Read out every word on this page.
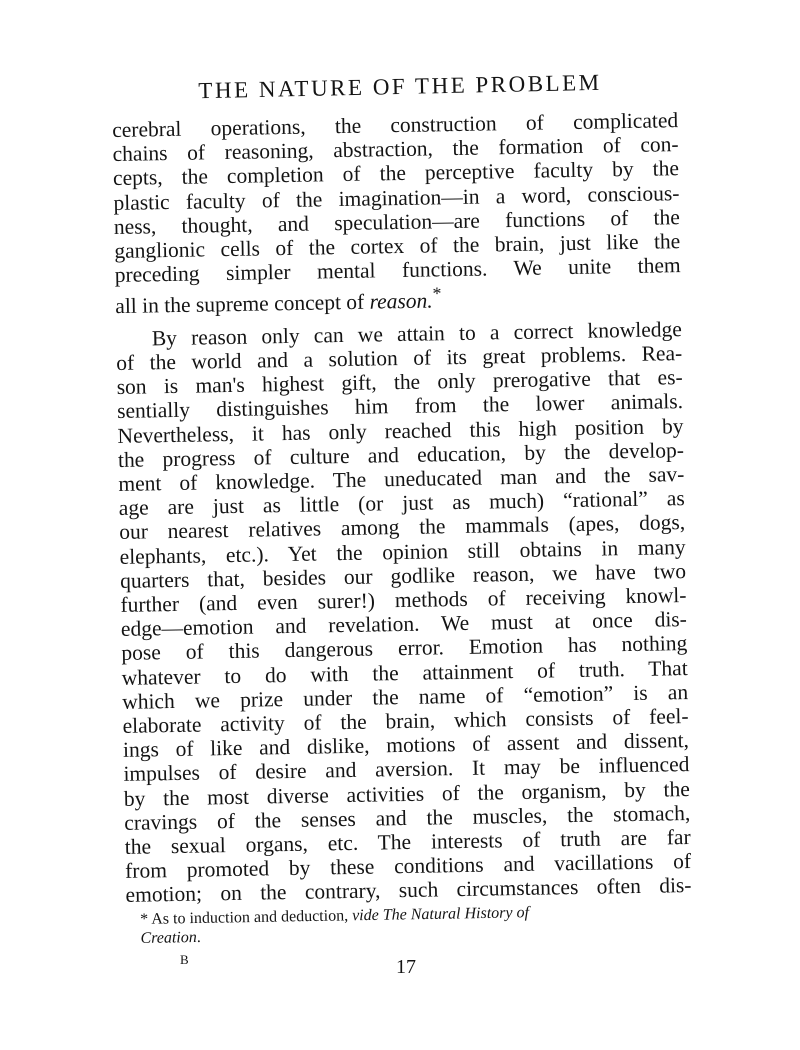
THE NATURE OF THE PROBLEM
cerebral operations, the construction of complicated
chains of reasoning, abstraction, the formation of con-
cepts, the completion of the perceptive faculty by the
plastic faculty of the imagination—in a word, conscious-
ness, thought, and speculation—are functions of the
ganglionic cells of the cortex of the brain, just like the
preceding simpler mental functions. We unite them
all in the supreme concept of reason.*
By reason only can we attain to a correct knowledge
of the world and a solution of its great problems. Rea-
son is man's highest gift, the only prerogative that es-
sentially distinguishes him from the lower animals.
Nevertheless, it has only reached this high position by
the progress of culture and education, by the develop-
ment of knowledge. The uneducated man and the sav-
age are just as little (or just as much) “rational” as
our nearest relatives among the mammals (apes, dogs,
elephants, etc.). Yet the opinion still obtains in many
quarters that, besides our godlike reason, we have two
further (and even surer!) methods of receiving knowl-
edge—emotion and revelation. We must at once dis-
pose of this dangerous error. Emotion has nothing
whatever to do with the attainment of truth. That
which we prize under the name of “emotion” is an
elaborate activity of the brain, which consists of feel-
ings of like and dislike, motions of assent and dissent,
impulses of desire and aversion. It may be influenced
by the most diverse activities of the organism, by the
cravings of the senses and the muscles, the stomach,
the sexual organs, etc. The interests of truth are far
from promoted by these conditions and vacillations of
emotion; on the contrary, such circumstances often dis-
* As to induction and deduction, vide The Natural History of
Creation.
B	17
